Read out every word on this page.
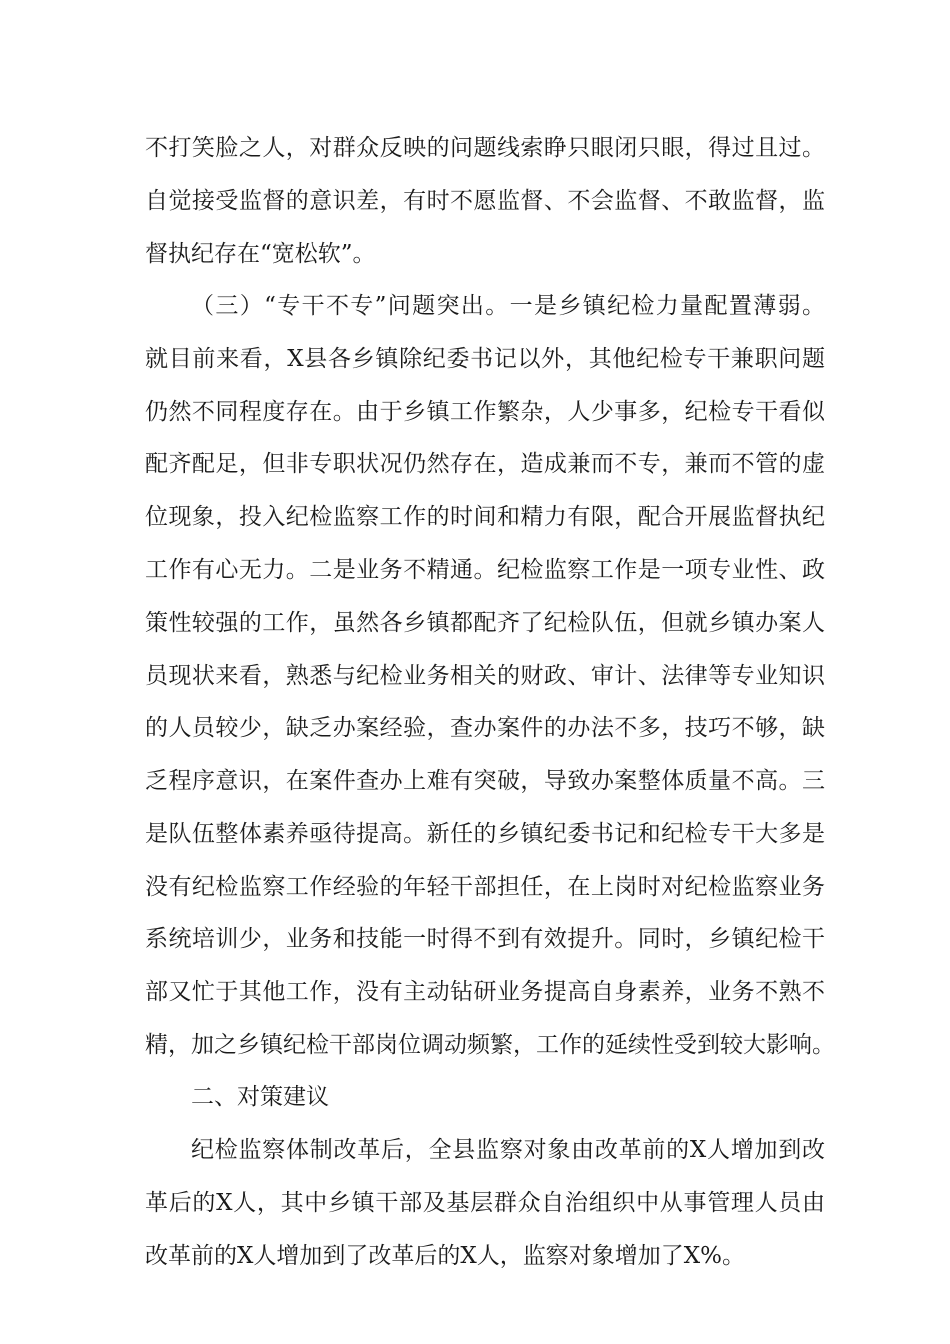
不打笑脸之人，对群众反映的问题线索睁只眼闭只眼，得过且过。
自觉接受监督的意识差，有时不愿监督、不会监督、不敢监督，监
督执纪存在“宽松软”。
（三）“专干不专”问题突出。一是乡镇纪检力量配置薄弱。
就目前来看，X县各乡镇除纪委书记以外，其他纪检专干兼职问题
仍然不同程度存在。由于乡镇工作繁杂，人少事多，纪检专干看似
配齐配足，但非专职状况仍然存在，造成兼而不专，兼而不管的虚
位现象，投入纪检监察工作的时间和精力有限，配合开展监督执纪
工作有心无力。二是业务不精通。纪检监察工作是一项专业性、政
策性较强的工作，虽然各乡镇都配齐了纪检队伍，但就乡镇办案人
员现状来看，熟悉与纪检业务相关的财政、审计、法律等专业知识
的人员较少，缺乏办案经验，查办案件的办法不多，技巧不够，缺
乏程序意识，在案件查办上难有突破，导致办案整体质量不高。三
是队伍整体素养亟待提高。新任的乡镇纪委书记和纪检专干大多是
没有纪检监察工作经验的年轻干部担任，在上岗时对纪检监察业务
系统培训少，业务和技能一时得不到有效提升。同时，乡镇纪检干
部又忙于其他工作，没有主动钻研业务提高自身素养，业务不熟不
精，加之乡镇纪检干部岗位调动频繁，工作的延续性受到较大影响。
二、对策建议
纪检监察体制改革后，全县监察对象由改革前的X人增加到改
革后的X人，其中乡镇干部及基层群众自治组织中从事管理人员由
改革前的X人增加到了改革后的X人，监察对象增加了X%。
